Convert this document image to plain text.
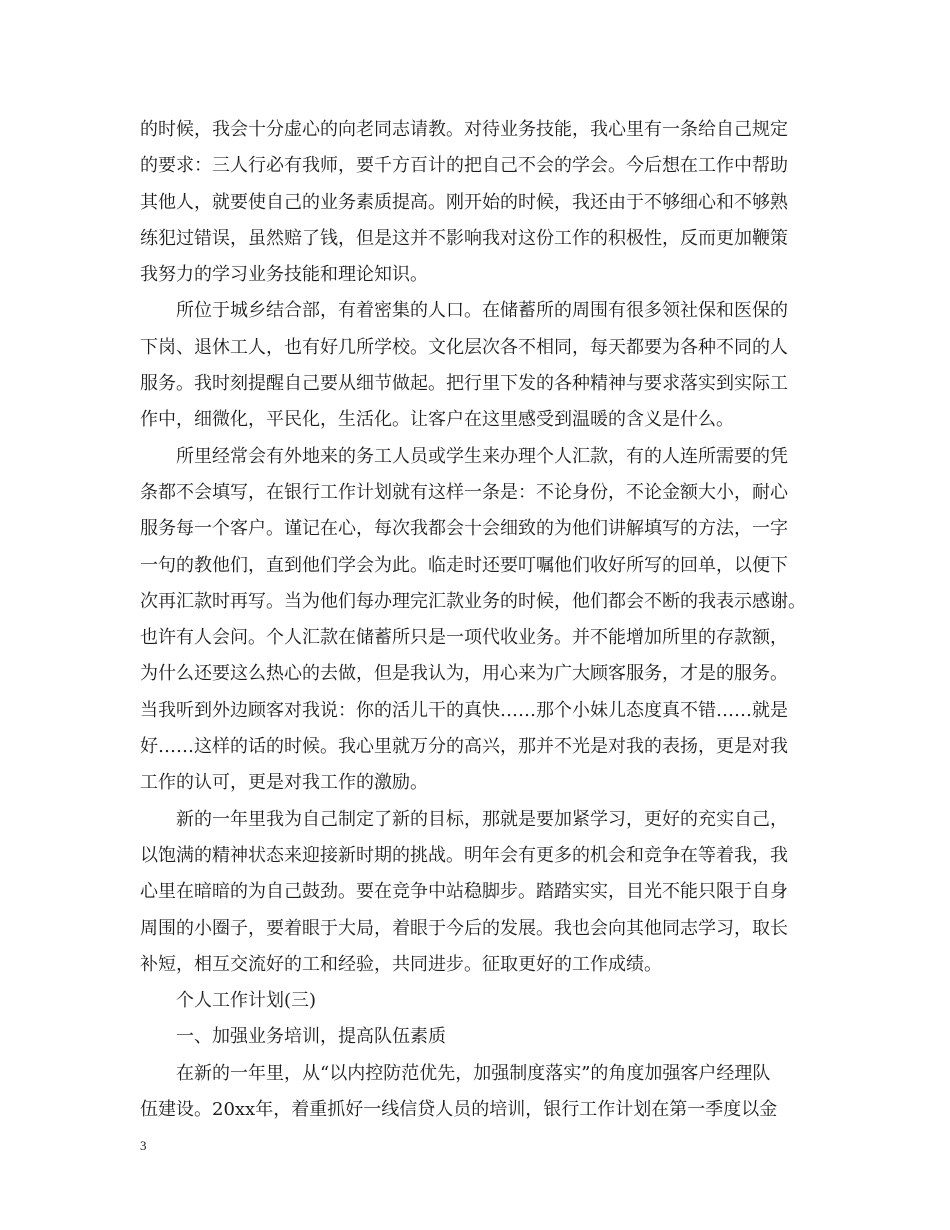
的时候，我会十分虚心的向老同志请教。对待业务技能，我心里有一条给自己规定
的要求：三人行必有我师，要千方百计的把自己不会的学会。今后想在工作中帮助
其他人，就要使自己的业务素质提高。刚开始的时候，我还由于不够细心和不够熟
练犯过错误，虽然赔了钱，但是这并不影响我对这份工作的积极性，反而更加鞭策
我努力的学习业务技能和理论知识。
所位于城乡结合部，有着密集的人口。在储蓄所的周围有很多领社保和医保的
下岗、退休工人，也有好几所学校。文化层次各不相同，每天都要为各种不同的人
服务。我时刻提醒自己要从细节做起。把行里下发的各种精神与要求落实到实际工
作中，细微化，平民化，生活化。让客户在这里感受到温暖的含义是什么。
所里经常会有外地来的务工人员或学生来办理个人汇款，有的人连所需要的凭
条都不会填写，在银行工作计划就有这样一条是：不论身份，不论金额大小，耐心
服务每一个客户。谨记在心，每次我都会十会细致的为他们讲解填写的方法，一字
一句的教他们，直到他们学会为此。临走时还要叮嘱他们收好所写的回单，以便下
次再汇款时再写。当为他们每办理完汇款业务的时候，他们都会不断的我表示感谢。
也许有人会问。个人汇款在储蓄所只是一项代收业务。并不能增加所里的存款额，
为什么还要这么热心的去做，但是我认为，用心来为广大顾客服务，才是的服务。
当我听到外边顾客对我说：你的活儿干的真快……那个小妹儿态度真不错……就是
好……这样的话的时候。我心里就万分的高兴，那并不光是对我的表扬，更是对我
工作的认可，更是对我工作的激励。
新的一年里我为自己制定了新的目标，那就是要加紧学习，更好的充实自己，
以饱满的精神状态来迎接新时期的挑战。明年会有更多的机会和竞争在等着我，我
心里在暗暗的为自己鼓劲。要在竞争中站稳脚步。踏踏实实，目光不能只限于自身
周围的小圈子，要着眼于大局，着眼于今后的发展。我也会向其他同志学习，取长
补短，相互交流好的工和经验，共同进步。征取更好的工作成绩。
个人工作计划(三)
一、加强业务培训，提高队伍素质
在新的一年里，从“以内控防范优先，加强制度落实”的角度加强客户经理队
伍建设。20xx年，着重抓好一线信贷人员的培训，银行工作计划在第一季度以金
3
